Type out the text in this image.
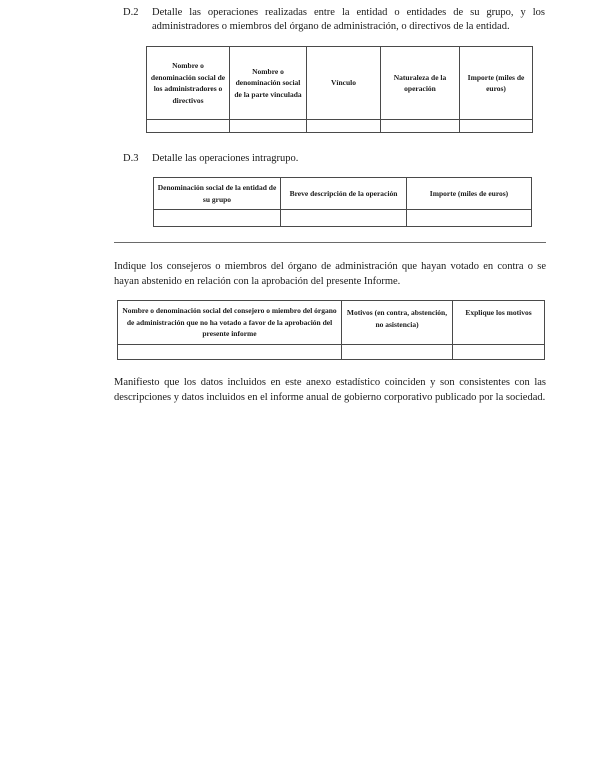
D.2 Detalle las operaciones realizadas entre la entidad o entidades de su grupo, y los administradores o miembros del órgano de administración, o directivos de la entidad.
Nombre o denominación social de los administradores o directivos	Nombre o denominación social de la parte vinculada	Vínculo	Naturaleza de la operación	Importe (miles de euros)

D.3 Detalle las operaciones intragrupo.
Denominación social de la entidad de su grupo	Breve descripción de la operación	Importe (miles de euros)

Indique los consejeros o miembros del órgano de administración que hayan votado en contra o se hayan abstenido en relación con la aprobación del presente Informe.
Nombre o denominación social del consejero o miembro del órgano de administración que no ha votado a favor de la aprobación del presente informe	Motivos (en contra, abstención, no asistencia)	Explique los motivos

Manifiesto que los datos incluidos en este anexo estadístico coinciden y son consistentes con las descripciones y datos incluidos en el informe anual de gobierno corporativo publicado por la sociedad.
